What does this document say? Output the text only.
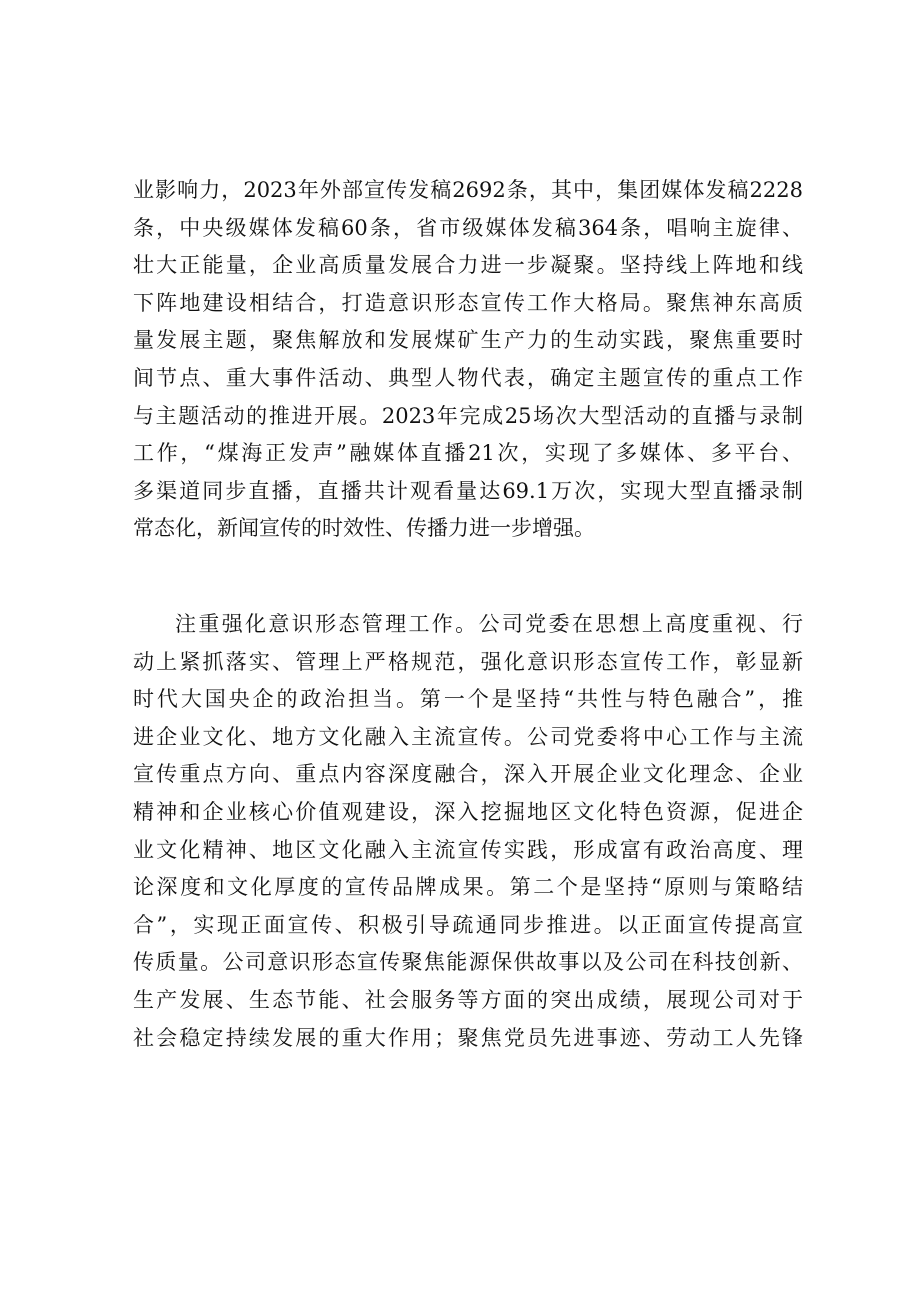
业影响力，2023年外部宣传发稿2692条，其中，集团媒体发稿2228
条，中央级媒体发稿60条，省市级媒体发稿364条，唱响主旋律、
壮大正能量，企业高质量发展合力进一步凝聚。坚持线上阵地和线
下阵地建设相结合，打造意识形态宣传工作大格局。聚焦神东高质
量发展主题，聚焦解放和发展煤矿生产力的生动实践，聚焦重要时
间节点、重大事件活动、典型人物代表，确定主题宣传的重点工作
与主题活动的推进开展。2023年完成25场次大型活动的直播与录制
工作，“煤海正发声”融媒体直播21次，实现了多媒体、多平台、
多渠道同步直播，直播共计观看量达69.1万次，实现大型直播录制
常态化，新闻宣传的时效性、传播力进一步增强。
注重强化意识形态管理工作。公司党委在思想上高度重视、行
动上紧抓落实、管理上严格规范，强化意识形态宣传工作，彰显新
时代大国央企的政治担当。第一个是坚持“共性与特色融合”，推
进企业文化、地方文化融入主流宣传。公司党委将中心工作与主流
宣传重点方向、重点内容深度融合，深入开展企业文化理念、企业
精神和企业核心价值观建设，深入挖掘地区文化特色资源，促进企
业文化精神、地区文化融入主流宣传实践，形成富有政治高度、理
论深度和文化厚度的宣传品牌成果。第二个是坚持“原则与策略结
合”，实现正面宣传、积极引导疏通同步推进。以正面宣传提高宣
传质量。公司意识形态宣传聚焦能源保供故事以及公司在科技创新、
生产发展、生态节能、社会服务等方面的突出成绩，展现公司对于
社会稳定持续发展的重大作用；聚焦党员先进事迹、劳动工人先锋
